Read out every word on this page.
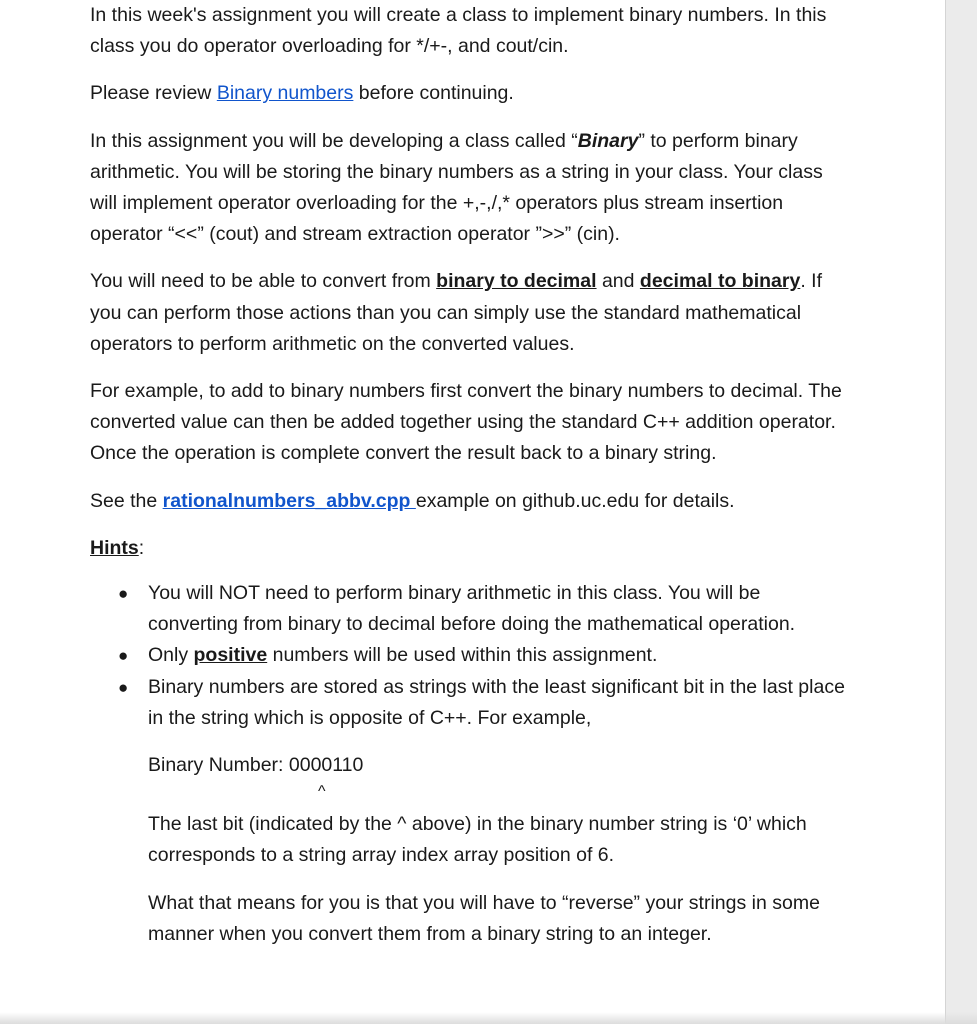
In this week's assignment you will create a class to implement binary numbers. In this class you do operator overloading for */+-, and cout/cin.

Please review Binary numbers before continuing.

In this assignment you will be developing a class called “Binary” to perform binary arithmetic. You will be storing the binary numbers as a string in your class. Your class will implement operator overloading for the +,-,/,* operators plus stream insertion operator “<<” (cout) and stream extraction operator ”>>” (cin).

You will need to be able to convert from binary to decimal and decimal to binary. If you can perform those actions than you can simply use the standard mathematical operators to perform arithmetic on the converted values.

For example, to add to binary numbers first convert the binary numbers to decimal. The converted value can then be added together using the standard C++ addition operator. Once the operation is complete convert the result back to a binary string.

See the rationalnumbers_abbv.cpp example on github.uc.edu for details.

Hints:

● You will NOT need to perform binary arithmetic in this class. You will be converting from binary to decimal before doing the mathematical operation.
● Only positive numbers will be used within this assignment.
● Binary numbers are stored as strings with the least significant bit in the last place in the string which is opposite of C++. For example,

Binary Number: 0000110

^

The last bit (indicated by the ^ above) in the binary number string is ‘0’ which corresponds to a string array index array position of 6.

What that means for you is that you will have to “reverse” your strings in some manner when you convert them from a binary string to an integer.
